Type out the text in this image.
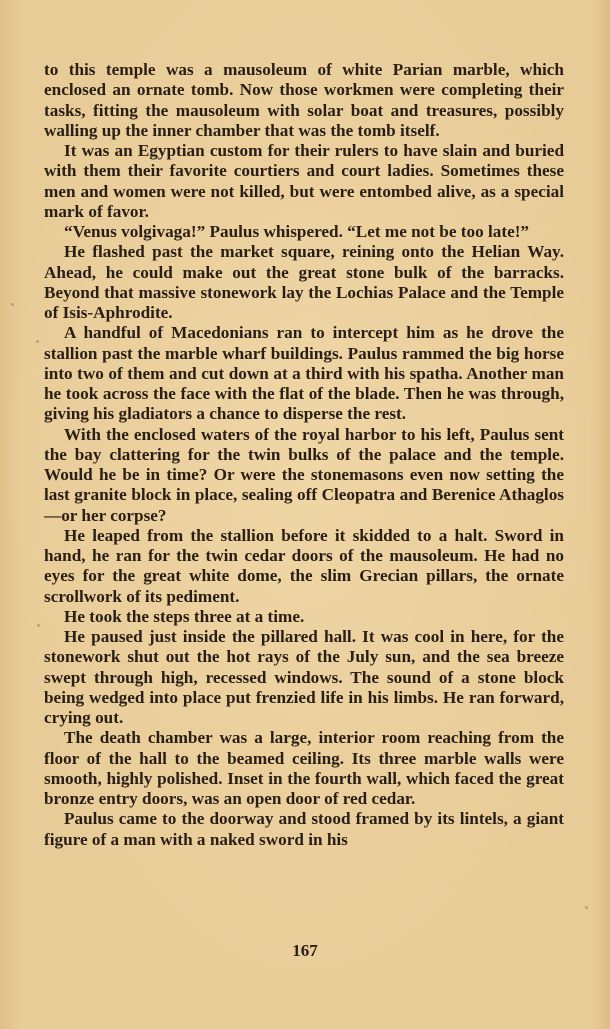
to this temple was a mausoleum of white Parian marble, which enclosed an ornate tomb. Now those workmen were completing their tasks, fitting the mausoleum with solar boat and treasures, possibly walling up the inner chamber that was the tomb itself.

It was an Egyptian custom for their rulers to have slain and buried with them their favorite courtiers and court ladies. Sometimes these men and women were not killed, but were entombed alive, as a special mark of favor.

“Venus volgivaga!” Paulus whispered. “Let me not be too late!”

He flashed past the market square, reining onto the Helian Way. Ahead, he could make out the great stone bulk of the barracks. Beyond that massive stonework lay the Lochias Palace and the Temple of Isis-Aphrodite.

A handful of Macedonians ran to intercept him as he drove the stallion past the marble wharf buildings. Paulus rammed the big horse into two of them and cut down at a third with his spatha. Another man he took across the face with the flat of the blade. Then he was through, giving his gladiators a chance to disperse the rest.

With the enclosed waters of the royal harbor to his left, Paulus sent the bay clattering for the twin bulks of the palace and the temple. Would he be in time? Or were the stonemasons even now setting the last granite block in place, sealing off Cleopatra and Berenice Athaglos—or her corpse?

He leaped from the stallion before it skidded to a halt. Sword in hand, he ran for the twin cedar doors of the mausoleum. He had no eyes for the great white dome, the slim Grecian pillars, the ornate scrollwork of its pediment.

He took the steps three at a time.

He paused just inside the pillared hall. It was cool in here, for the stonework shut out the hot rays of the July sun, and the sea breeze swept through high, recessed windows. The sound of a stone block being wedged into place put frenzied life in his limbs. He ran forward, crying out.

The death chamber was a large, interior room reaching from the floor of the hall to the beamed ceiling. Its three marble walls were smooth, highly polished. Inset in the fourth wall, which faced the great bronze entry doors, was an open door of red cedar.

Paulus came to the doorway and stood framed by its lintels, a giant figure of a man with a naked sword in his

167
